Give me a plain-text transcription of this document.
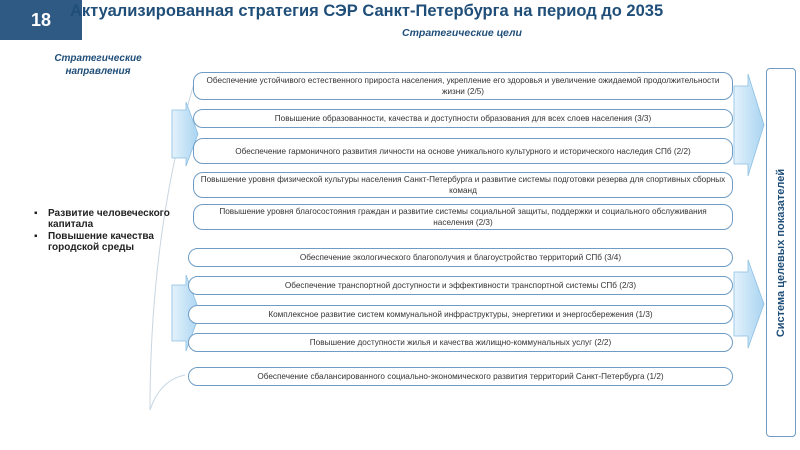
18	Актуализированная стратегия СЭР Санкт-Петербурга на период до 2035
Стратегические цели
Стратегические направления
▪ Развитие человеческого капитала
▪ Повышение качества городской среды
Обеспечение устойчивого естественного прироста населения, укрепление его здоровья и увеличение ожидаемой продолжительности жизни (2/5)
Повышение образованности, качества и доступности образования для всех слоев населения (3/3)
Обеспечение гармоничного развития личности на основе уникального культурного и исторического наследия СПб (2/2)
Повышение уровня физической культуры населения Санкт-Петербурга и развитие системы подготовки резерва для спортивных сборных команд
Повышение уровня благосостояния граждан и развитие системы социальной защиты, поддержки и социального обслуживания населения (2/3)
Обеспечение экологического благополучия и благоустройство территорий СПб (3/4)
Обеспечение транспортной доступности и эффективности транспортной системы СПб (2/3)
Комплексное развитие систем коммунальной инфраструктуры, энергетики и энергосбережения (1/3)
Повышение доступности жилья и качества жилищно-коммунальных услуг (2/2)
Обеспечение сбалансированного социально-экономического развития территорий Санкт-Петербурга (1/2)
Система целевых показателей
